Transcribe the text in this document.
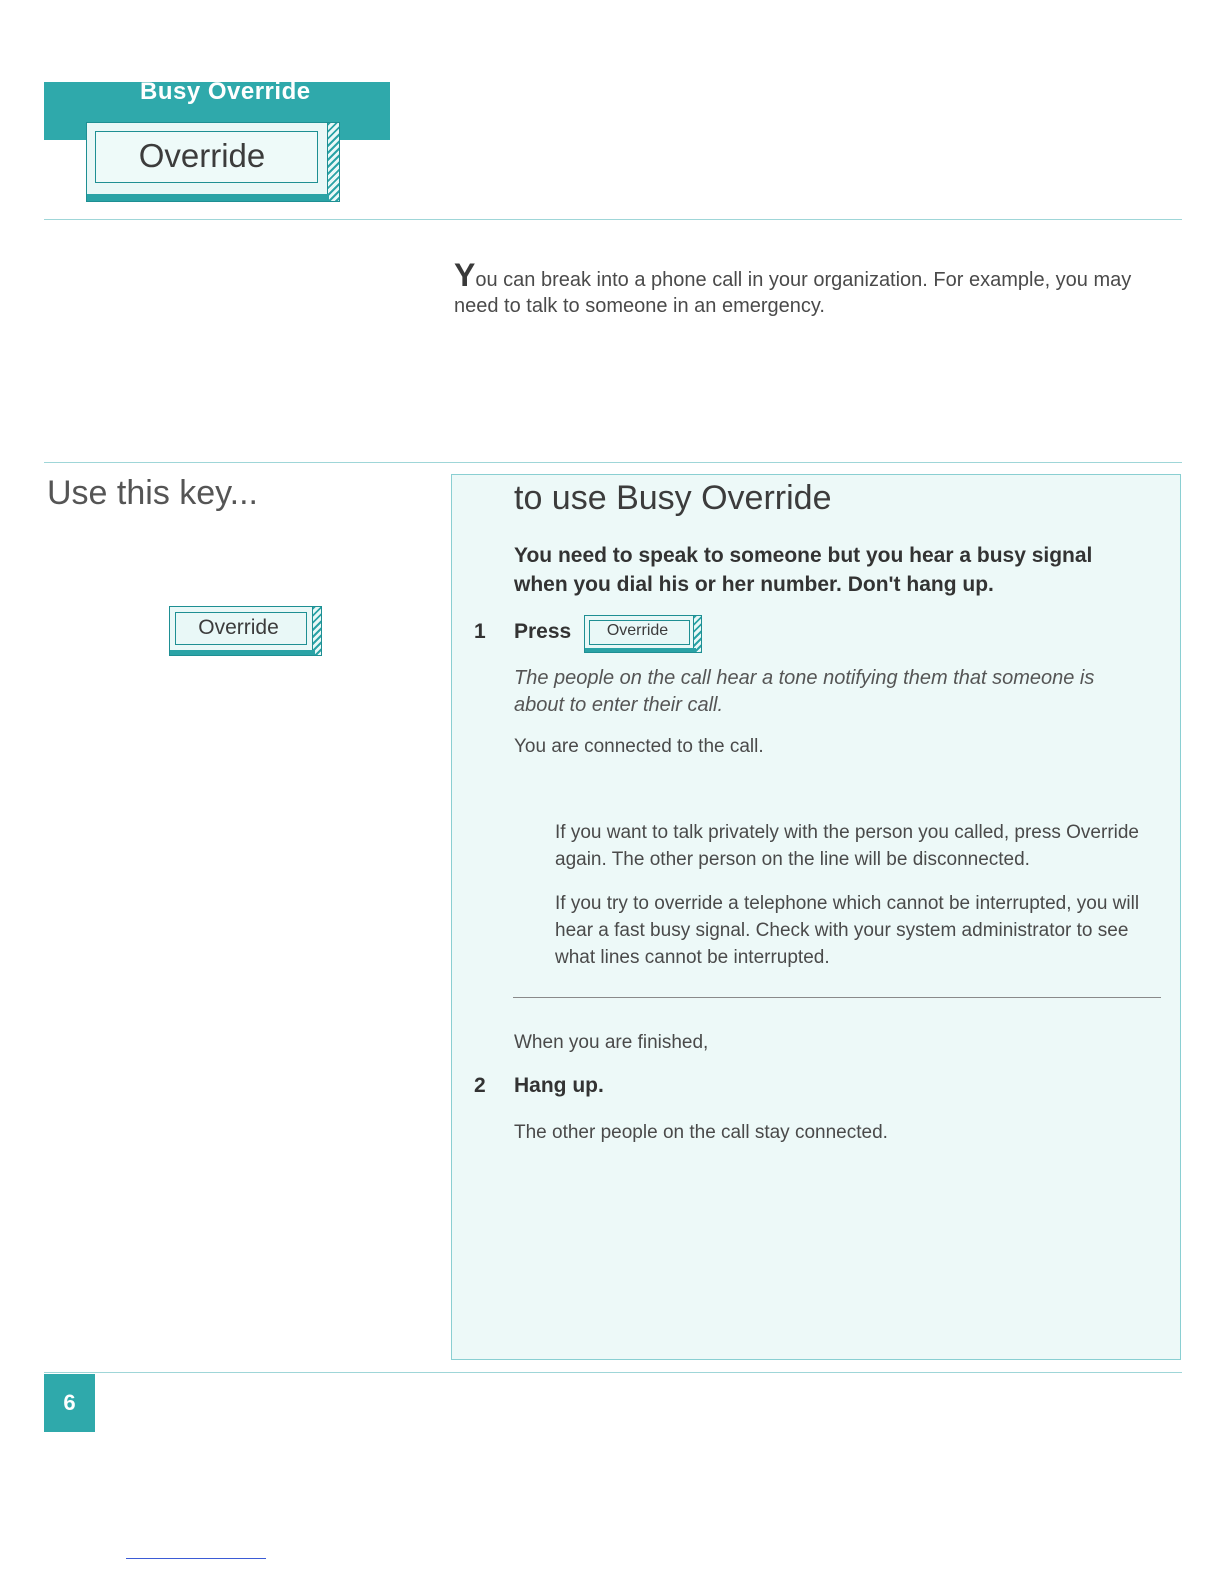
Busy Override
Override
You can break into a phone call in your organization. For example, you may need to talk to someone in an emergency.
Use this key...
Override
to use Busy Override
You need to speak to someone but you hear a busy signal when you dial his or her number. Don't hang up.
1 Press	Override
The people on the call hear a tone notifying them that someone is about to enter their call.
You are connected to the call.
If you want to talk privately with the person you called, press Override again. The other person on the line will be disconnected.
If you try to override a telephone which cannot be interrupted, you will hear a fast busy signal. Check with your system administrator to see what lines cannot be interrupted.
When you are finished,
2 Hang up.
The other people on the call stay connected.
6
